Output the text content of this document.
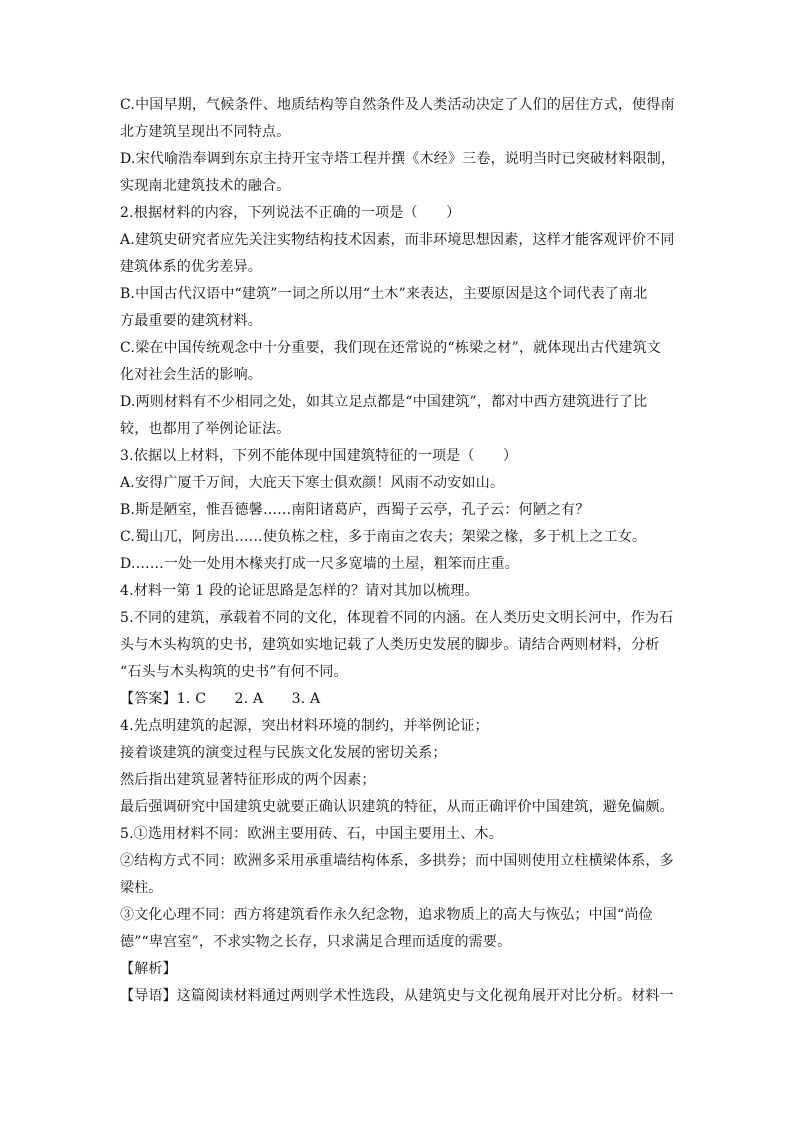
C.中国早期，气候条件、地质结构等自然条件及人类活动决定了人们的居住方式，使得南
北方建筑呈现出不同特点。
D.宋代喻浩奉调到东京主持开宝寺塔工程并撰《木经》三卷，说明当时已突破材料限制，
实现南北建筑技术的融合。
2.根据材料的内容，下列说法不正确的一项是（　　）
A.建筑史研究者应先关注实物结构技术因素，而非环境思想因素，这样才能客观评价不同
建筑体系的优劣差异。
B.中国古代汉语中“建筑”一词之所以用“土木”来表达，主要原因是这个词代表了南北
方最重要的建筑材料。
C.梁在中国传统观念中十分重要，我们现在还常说的“栋梁之材”，就体现出古代建筑文
化对社会生活的影响。
D.两则材料有不少相同之处，如其立足点都是“中国建筑”，都对中西方建筑进行了比
较，也都用了举例论证法。
3.依据以上材料，下列不能体现中国建筑特征的一项是（　　）
A.安得广厦千万间，大庇天下寒士俱欢颜！风雨不动安如山。
B.斯是陋室，惟吾德馨……南阳诸葛庐，西蜀子云亭，孔子云：何陋之有？
C.蜀山兀，阿房出……使负栋之柱，多于南亩之农夫；架梁之椽，多于机上之工女。
D.……一处一处用木椽夹打成一尺多宽墙的土屋，粗笨而庄重。
4.材料一第 1 段的论证思路是怎样的？请对其加以梳理。
5.不同的建筑，承载着不同的文化，体现着不同的内涵。在人类历史文明长河中，作为石
头与木头构筑的史书，建筑如实地记载了人类历史发展的脚步。请结合两则材料，分析
“石头与木头构筑的史书”有何不同。
【答案】1. C　　2. A　　3. A
4.先点明建筑的起源，突出材料环境的制约，并举例论证；
接着谈建筑的演变过程与民族文化发展的密切关系；
然后指出建筑显著特征形成的两个因素；
最后强调研究中国建筑史就要正确认识建筑的特征，从而正确评价中国建筑，避免偏颇。
5.①选用材料不同：欧洲主要用砖、石，中国主要用土、木。
②结构方式不同：欧洲多采用承重墙结构体系，多拱券；而中国则使用立柱横梁体系，多
梁柱。
③文化心理不同：西方将建筑看作永久纪念物，追求物质上的高大与恢弘；中国“尚俭
德”“卑宫室”，不求实物之长存，只求满足合理而适度的需要。
【解析】
【导语】这篇阅读材料通过两则学术性选段，从建筑史与文化视角展开对比分析。材料一
